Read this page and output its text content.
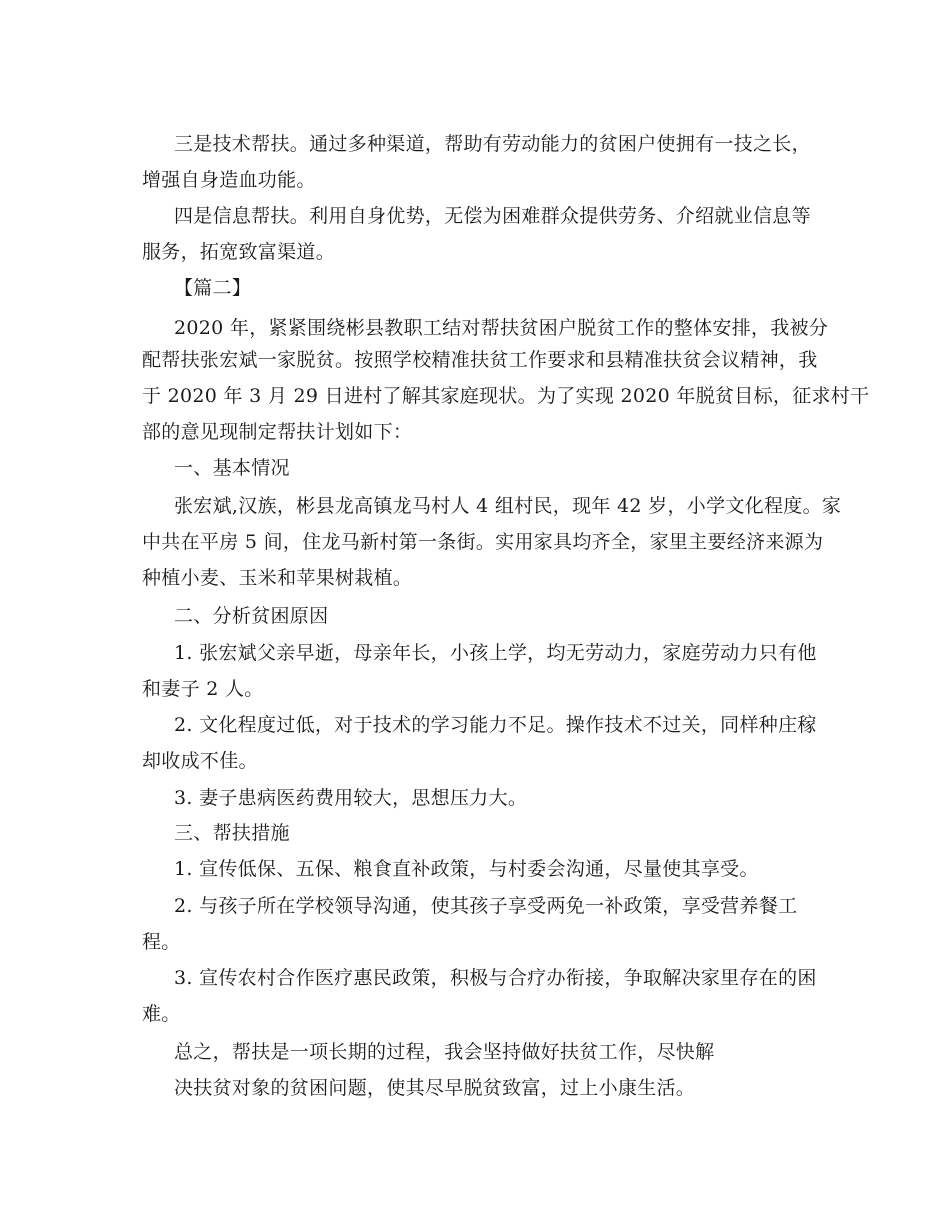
三是技术帮扶。通过多种渠道，帮助有劳动能力的贫困户使拥有一技之长，
增强自身造血功能。
四是信息帮扶。利用自身优势，无偿为困难群众提供劳务、介绍就业信息等
服务，拓宽致富渠道。
【篇二】
2020 年，紧紧围绕彬县教职工结对帮扶贫困户脱贫工作的整体安排，我被分
配帮扶张宏斌一家脱贫。按照学校精准扶贫工作要求和县精准扶贫会议精神，我
于 2020 年 3 月 29 日进村了解其家庭现状。为了实现 2020 年脱贫目标，征求村干
部的意见现制定帮扶计划如下：
一、基本情况
张宏斌,汉族，彬县龙高镇龙马村人 4 组村民，现年 42 岁，小学文化程度。家
中共在平房 5 间，住龙马新村第一条街。实用家具均齐全，家里主要经济来源为
种植小麦、玉米和苹果树栽植。
二、分析贫困原因
1. 张宏斌父亲早逝，母亲年长，小孩上学，均无劳动力，家庭劳动力只有他
和妻子 2 人。
2. 文化程度过低，对于技术的学习能力不足。操作技术不过关，同样种庄稼
却收成不佳。
3. 妻子患病医药费用较大，思想压力大。
三、帮扶措施
1. 宣传低保、五保、粮食直补政策，与村委会沟通，尽量使其享受。
2. 与孩子所在学校领导沟通，使其孩子享受两免一补政策，享受营养餐工
程。
3. 宣传农村合作医疗惠民政策，积极与合疗办衔接，争取解决家里存在的困
难。
总之，帮扶是一项长期的过程，我会坚持做好扶贫工作，尽快解
决扶贫对象的贫困问题，使其尽早脱贫致富，过上小康生活。
